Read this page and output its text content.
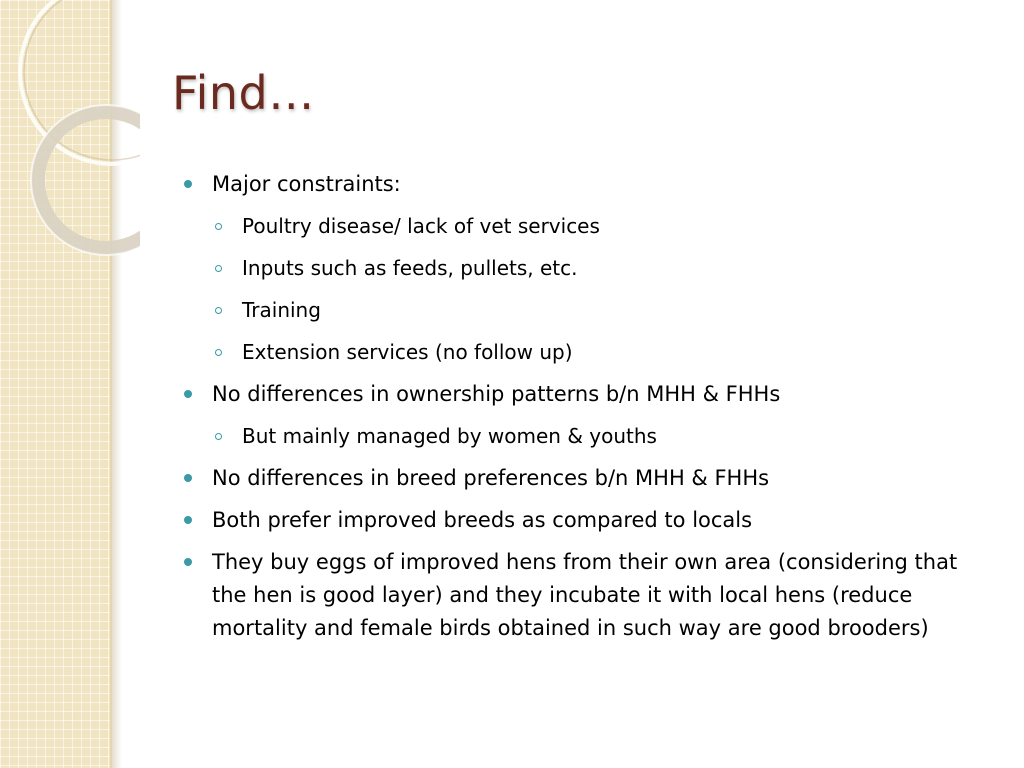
Find…
Major constraints:
Poultry disease/ lack of vet services
Inputs such as feeds, pullets, etc.
Training
Extension services (no follow up)
No differences in ownership patterns b/n MHH & FHHs
But mainly managed by women & youths
No differences in breed preferences b/n MHH & FHHs
Both prefer improved breeds as compared to locals
They buy eggs of improved hens from their own area (considering that the hen is good layer) and they incubate it with local hens (reduce mortality and female birds obtained in such way are good brooders)
